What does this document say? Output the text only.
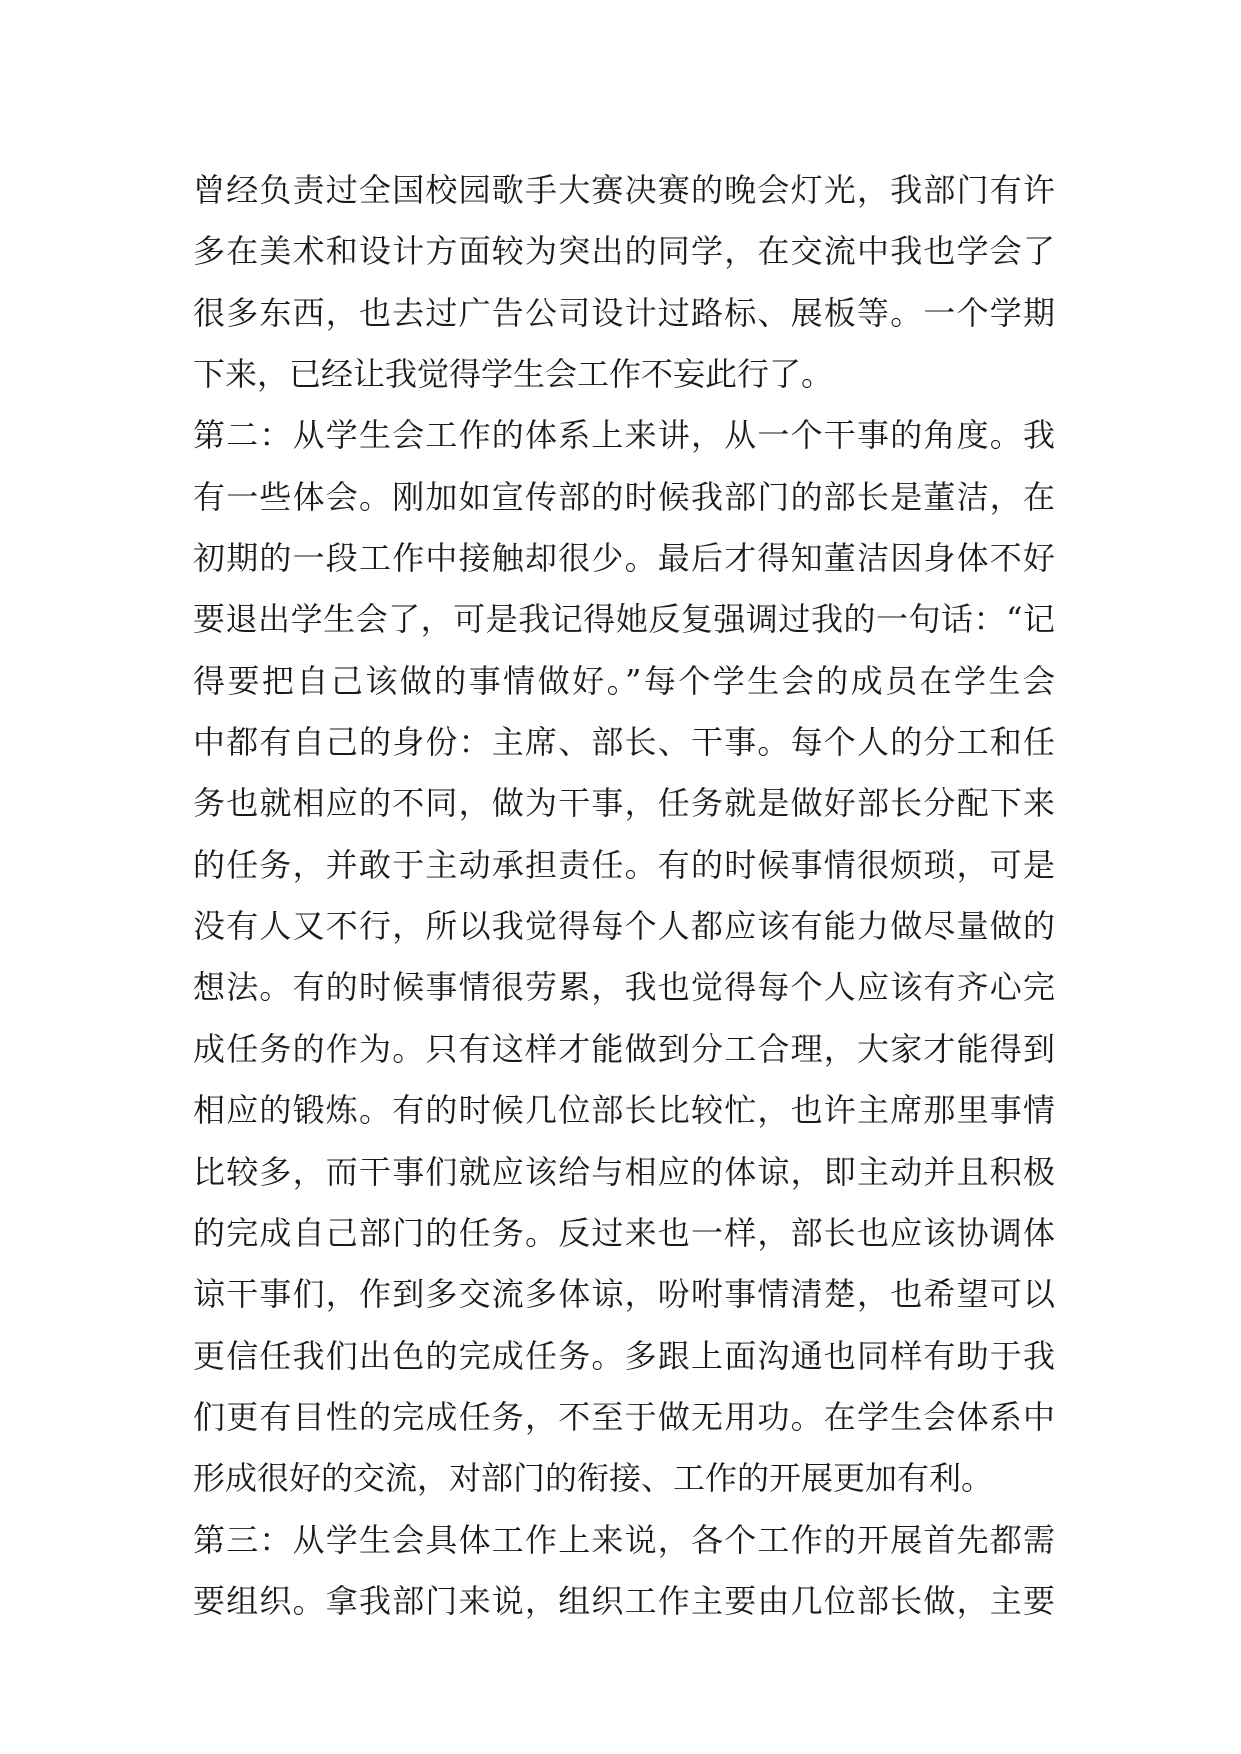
曾经负责过全国校园歌手大赛决赛的晚会灯光，我部门有许
多在美术和设计方面较为突出的同学，在交流中我也学会了
很多东西，也去过广告公司设计过路标、展板等。一个学期
下来，已经让我觉得学生会工作不妄此行了。
第二：从学生会工作的体系上来讲，从一个干事的角度。我
有一些体会。刚加如宣传部的时候我部门的部长是董洁，在
初期的一段工作中接触却很少。最后才得知董洁因身体不好
要退出学生会了，可是我记得她反复强调过我的一句话：“记
得要把自己该做的事情做好。”每个学生会的成员在学生会
中都有自己的身份：主席、部长、干事。每个人的分工和任
务也就相应的不同，做为干事，任务就是做好部长分配下来
的任务，并敢于主动承担责任。有的时候事情很烦琐，可是
没有人又不行，所以我觉得每个人都应该有能力做尽量做的
想法。有的时候事情很劳累，我也觉得每个人应该有齐心完
成任务的作为。只有这样才能做到分工合理，大家才能得到
相应的锻炼。有的时候几位部长比较忙，也许主席那里事情
比较多，而干事们就应该给与相应的体谅，即主动并且积极
的完成自己部门的任务。反过来也一样，部长也应该协调体
谅干事们，作到多交流多体谅，吩咐事情清楚，也希望可以
更信任我们出色的完成任务。多跟上面沟通也同样有助于我
们更有目性的完成任务，不至于做无用功。在学生会体系中
形成很好的交流，对部门的衔接、工作的开展更加有利。
第三：从学生会具体工作上来说，各个工作的开展首先都需
要组织。拿我部门来说，组织工作主要由几位部长做，主要
